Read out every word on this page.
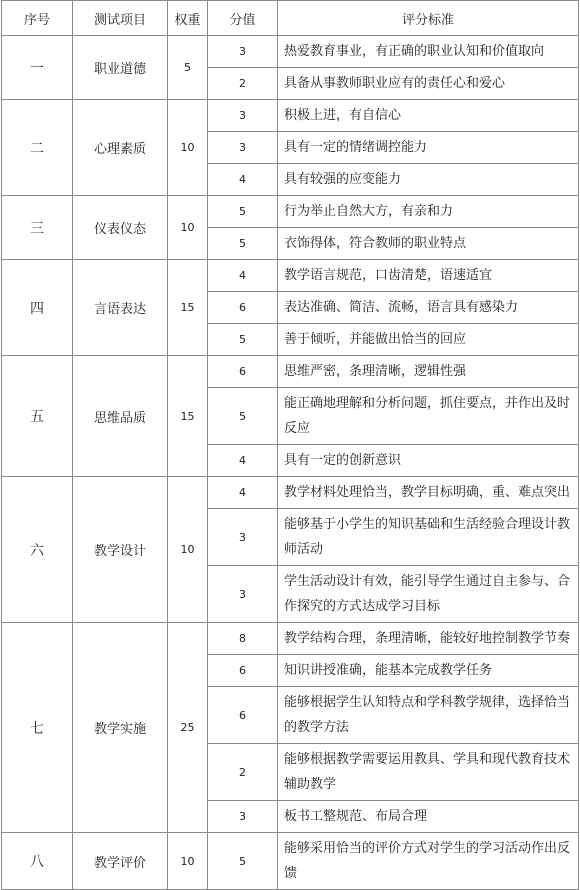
序号	测试项目	权重	分值	评分标准
一	职业道德	5	3	热爱教育事业，有正确的职业认知和价值取向
			2	具备从事教师职业应有的责任心和爱心
二	心理素质	10	3	积极上进，有自信心
			3	具有一定的情绪调控能力
			4	具有较强的应变能力
三	仪表仪态	10	5	行为举止自然大方，有亲和力
			5	衣饰得体，符合教师的职业特点
四	言语表达	15	4	教学语言规范，口齿清楚，语速适宜
			6	表达准确、简洁、流畅，语言具有感染力
			5	善于倾听，并能做出恰当的回应
五	思维品质	15	6	思维严密，条理清晰，逻辑性强
			5	能正确地理解和分析问题，抓住要点，并作出及时反应
			4	具有一定的创新意识
六	教学设计	10	4	教学材料处理恰当，教学目标明确，重、难点突出
			3	能够基于小学生的知识基础和生活经验合理设计教师活动
			3	学生活动设计有效，能引导学生通过自主参与、合作探究的方式达成学习目标
七	教学实施	25	8	教学结构合理，条理清晰，能较好地控制教学节奏
			6	知识讲授准确，能基本完成教学任务
			6	能够根据学生认知特点和学科教学规律，选择恰当的教学方法
			2	能够根据教学需要运用教具、学具和现代教育技术辅助教学
			3	板书工整规范、布局合理
八	教学评价	10	5	能够采用恰当的评价方式对学生的学习活动作出反馈
